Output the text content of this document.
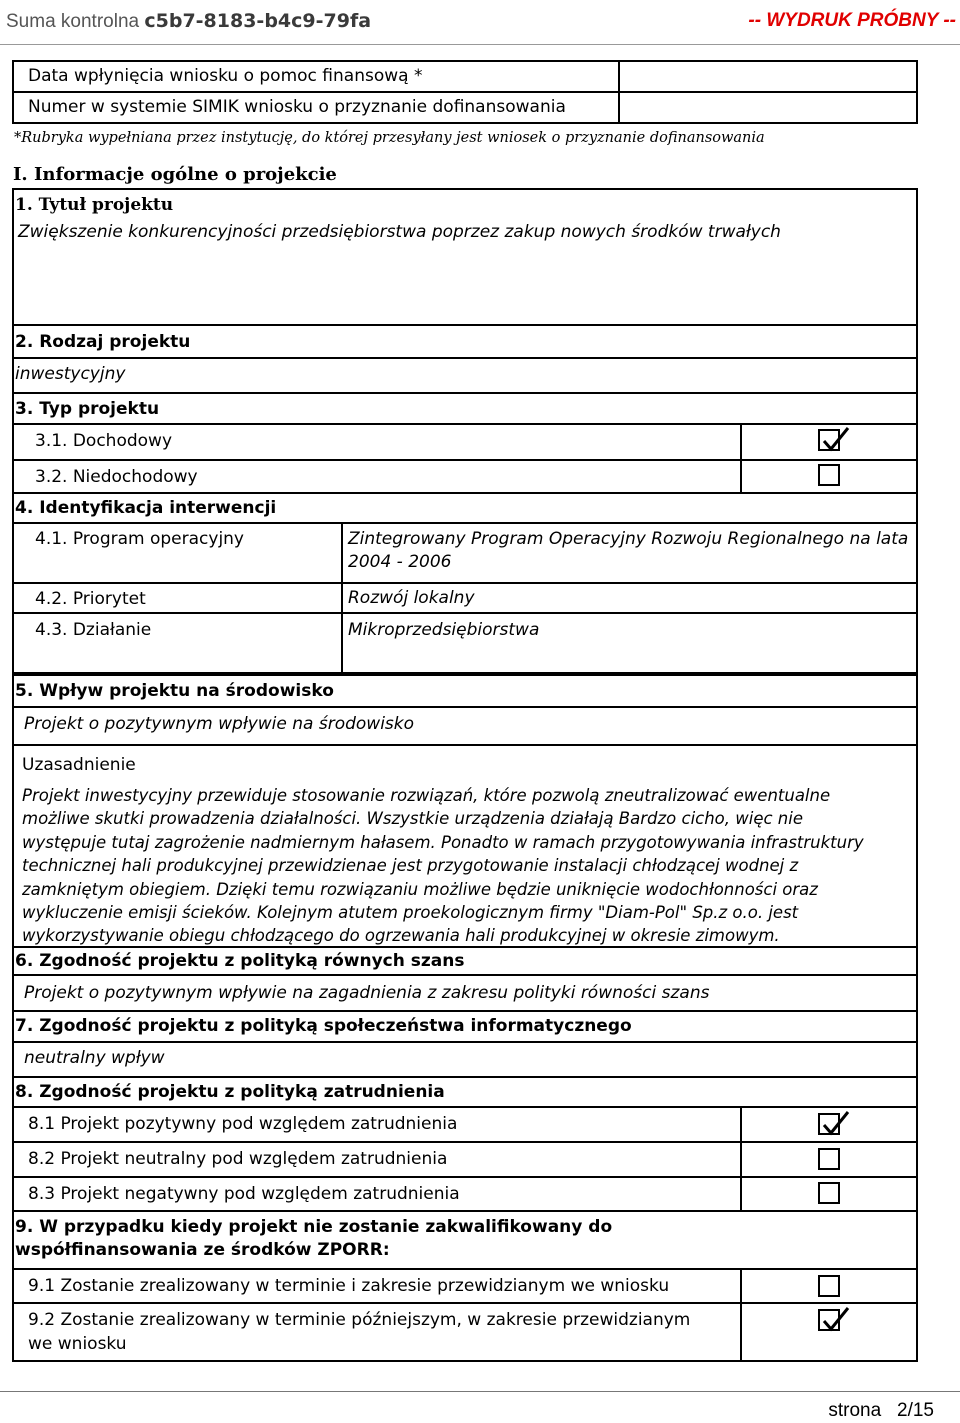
Suma kontrolna c5b7-8183-b4c9-79fa	-- WYDRUK PRÓBNY --
Data wpłynięcia wniosku o pomoc finansową *
Numer w systemie SIMIK wniosku o przyznanie dofinansowania
*Rubryka wypełniana przez instytucję, do której przesyłany jest wniosek o przyznanie dofinansowania
I. Informacje ogólne o projekcie
1. Tytuł projektu
Zwiększenie konkurencyjności przedsiębiorstwa poprzez zakup nowych środków trwałych
2. Rodzaj projektu
inwestycyjny
3. Typ projektu
3.1. Dochodowy
3.2. Niedochodowy
4. Identyfikacja interwencji
4.1. Program operacyjny	Zintegrowany Program Operacyjny Rozwoju Regionalnego na lata
2004 - 2006
4.2. Priorytet	Rozwój lokalny
4.3. Działanie	Mikroprzedsiębiorstwa
5. Wpływ projektu na środowisko
Projekt o pozytywnym wpływie na środowisko
Uzasadnienie
Projekt inwestycyjny przewiduje stosowanie rozwiązań, które pozwolą zneutralizować ewentualne
możliwe skutki prowadzenia działalności. Wszystkie urządzenia działają Bardzo cicho, więc nie
występuje tutaj zagrożenie nadmiernym hałasem. Ponadto w ramach przygotowywania infrastruktury
technicznej hali produkcyjnej przewidzienae jest przygotowanie instalacji chłodzącej wodnej z
zamkniętym obiegiem. Dzięki temu rozwiązaniu możliwe będzie uniknięcie wodochłonności oraz
wykluczenie emisji ścieków. Kolejnym atutem proekologicznym firmy "Diam-Pol" Sp.z o.o. jest
wykorzystywanie obiegu chłodzącego do ogrzewania hali produkcyjnej w okresie zimowym.
6. Zgodność projektu z polityką równych szans
Projekt o pozytywnym wpływie na zagadnienia z zakresu polityki równości szans
7. Zgodność projektu z polityką społeczeństwa informatycznego
neutralny wpływ
8. Zgodność projektu z polityką zatrudnienia
8.1 Projekt pozytywny pod względem zatrudnienia
8.2 Projekt neutralny pod względem zatrudnienia
8.3 Projekt negatywny pod względem zatrudnienia
9. W przypadku kiedy projekt nie zostanie zakwalifikowany do
współfinansowania ze środków ZPORR:
9.1 Zostanie zrealizowany w terminie i zakresie przewidzianym we wniosku
9.2 Zostanie zrealizowany w terminie późniejszym, w zakresie przewidzianym
we wniosku
strona 2/15
